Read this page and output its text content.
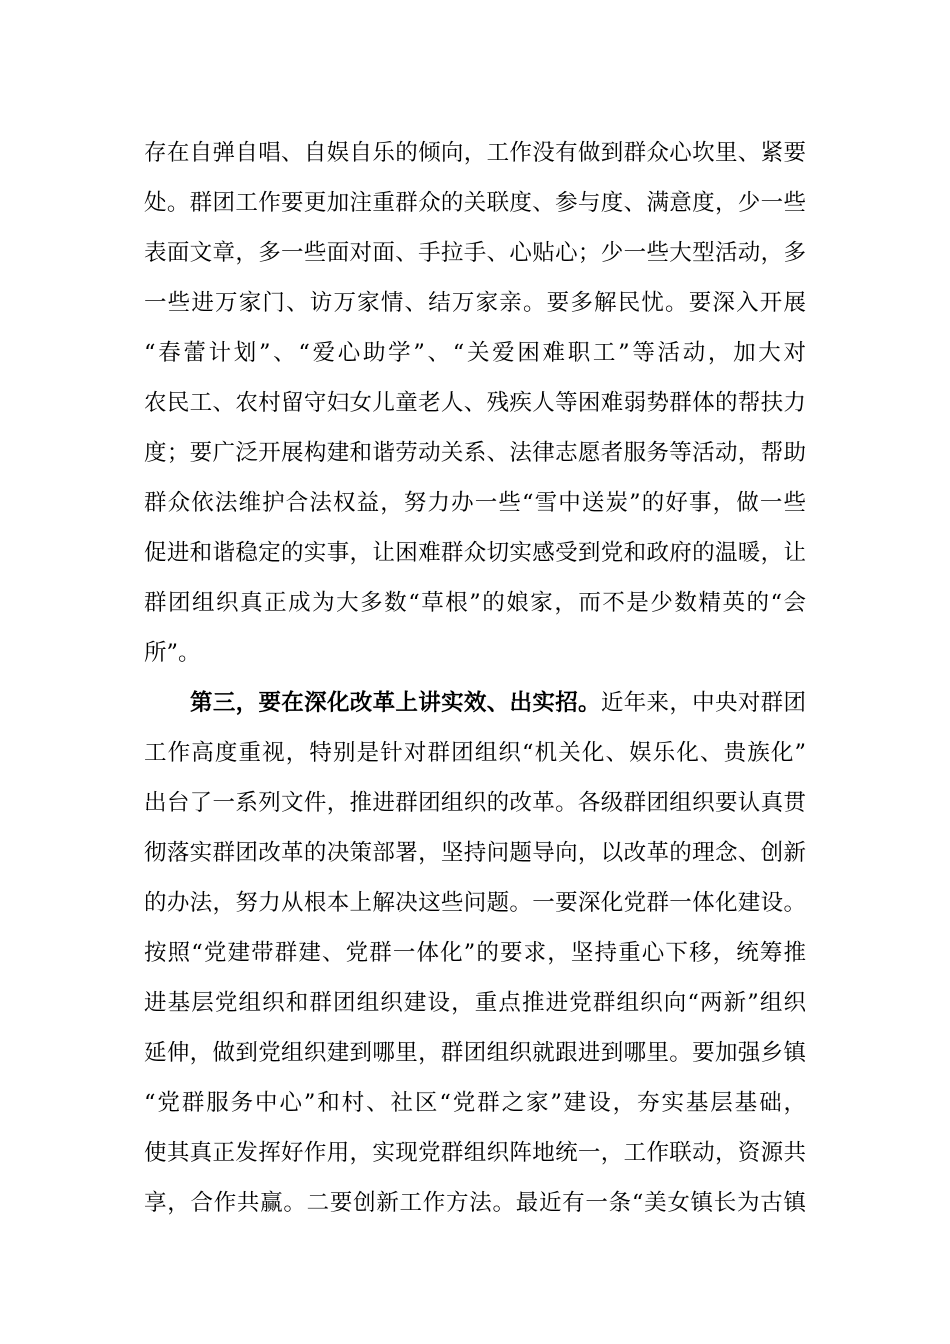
存在自弹自唱、自娱自乐的倾向，工作没有做到群众心坎里、紧要
处。群团工作要更加注重群众的关联度、参与度、满意度，少一些
表面文章，多一些面对面、手拉手、心贴心；少一些大型活动，多
一些进万家门、访万家情、结万家亲。要多解民忧。要深入开展
“春蕾计划”、“爱心助学”、“关爱困难职工”等活动，加大对
农民工、农村留守妇女儿童老人、残疾人等困难弱势群体的帮扶力
度；要广泛开展构建和谐劳动关系、法律志愿者服务等活动，帮助
群众依法维护合法权益，努力办一些“雪中送炭”的好事，做一些
促进和谐稳定的实事，让困难群众切实感受到党和政府的温暖，让
群团组织真正成为大多数“草根”的娘家，而不是少数精英的“会
所”。
第三，要在深化改革上讲实效、出实招。近年来，中央对群团
工作高度重视，特别是针对群团组织“机关化、娱乐化、贵族化”
出台了一系列文件，推进群团组织的改革。各级群团组织要认真贯
彻落实群团改革的决策部署，坚持问题导向，以改革的理念、创新
的办法，努力从根本上解决这些问题。一要深化党群一体化建设。
按照“党建带群建、党群一体化”的要求，坚持重心下移，统筹推
进基层党组织和群团组织建设，重点推进党群组织向“两新”组织
延伸，做到党组织建到哪里，群团组织就跟进到哪里。要加强乡镇
“党群服务中心”和村、社区“党群之家”建设，夯实基层基础，
使其真正发挥好作用，实现党群组织阵地统一，工作联动，资源共
享，合作共赢。二要创新工作方法。最近有一条“美女镇长为古镇
